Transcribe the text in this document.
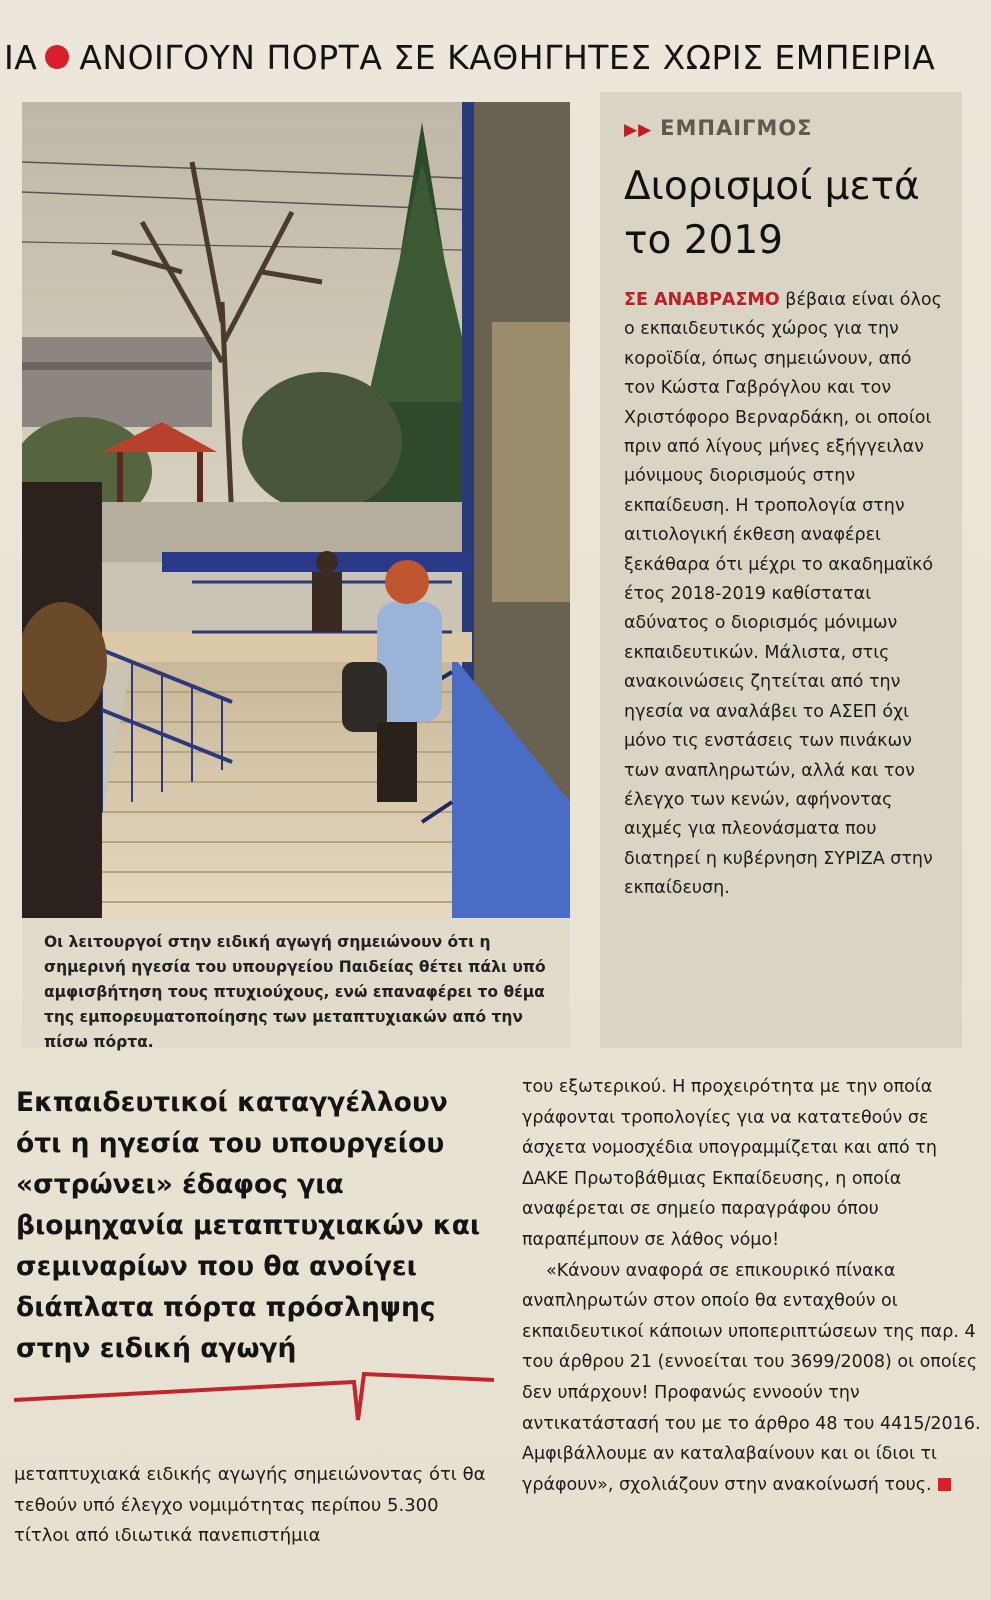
ΙΑ ΑΝΟΙΓΟΥΝ ΠΟΡΤΑ ΣΕ ΚΑΘΗΓΗΤΕΣ ΧΩΡΙΣ ΕΜΠΕΙΡΙΑ

Οι λειτουργοί στην ειδική αγωγή σημειώνουν ότι η σημερινή ηγεσία του υπουργείου Παιδείας θέτει πάλι υπό αμφισβήτηση τους πτυχιούχους, ενώ επαναφέρει το θέμα της εμπορευματοποίησης των μεταπτυχιακών από την πίσω πόρτα.

▶▶ ΕΜΠΑΙΓΜΟΣ
Διορισμοί μετά το 2019

ΣΕ ΑΝΑΒΡΑΣΜΟ βέβαια είναι όλος ο εκπαιδευτικός χώρος για την κοροϊδία, όπως σημειώνουν, από τον Κώστα Γαβρόγλου και τον Χριστόφορο Βερναρδάκη, οι οποίοι πριν από λίγους μήνες εξήγγειλαν μόνιμους διορισμούς στην εκπαίδευση. Η τροπολογία στην αιτιολογική έκθεση αναφέρει ξεκάθαρα ότι μέχρι το ακαδημαϊκό έτος 2018-2019 καθίσταται αδύνατος ο διορισμός μόνιμων εκπαιδευτικών. Μάλιστα, στις ανακοινώσεις ζητείται από την ηγεσία να αναλάβει το ΑΣΕΠ όχι μόνο τις ενστάσεις των πινάκων των αναπληρωτών, αλλά και τον έλεγχο των κενών, αφήνοντας αιχμές για πλεονάσματα που διατηρεί η κυβέρνηση ΣΥΡΙΖΑ στην εκπαίδευση.

Εκπαιδευτικοί καταγγέλλουν ότι η ηγεσία του υπουργείου «στρώνει» έδαφος για βιομηχανία μεταπτυχιακών και σεμιναρίων που θα ανοίγει διάπλατα πόρτα πρόσληψης στην ειδική αγωγή

μεταπτυχιακά ειδικής αγωγής σημειώνοντας ότι θα τεθούν υπό έλεγχο νομιμότητας περίπου 5.300 τίτλοι από ιδιωτικά πανεπιστήμια

του εξωτερικού. Η προχειρότητα με την οποία γράφονται τροπολογίες για να κατατεθούν σε άσχετα νομοσχέδια υπογραμμίζεται και από τη ΔΑΚΕ Πρωτοβάθμιας Εκπαίδευσης, η οποία αναφέρεται σε σημείο παραγράφου όπου παραπέμπουν σε λάθος νόμο!

«Κάνουν αναφορά σε επικουρικό πίνακα αναπληρωτών στον οποίο θα ενταχθούν οι εκπαιδευτικοί κάποιων υποπεριπτώσεων της παρ. 4 του άρθρου 21 (εννοείται του 3699/2008) οι οποίες δεν υπάρχουν! Προφανώς εννοούν την αντικατάστασή του με το άρθρο 48 του 4415/2016. Αμφιβάλλουμε αν καταλαβαίνουν και οι ίδιοι τι γράφουν», σχολιάζουν στην ανακοίνωσή τους.
